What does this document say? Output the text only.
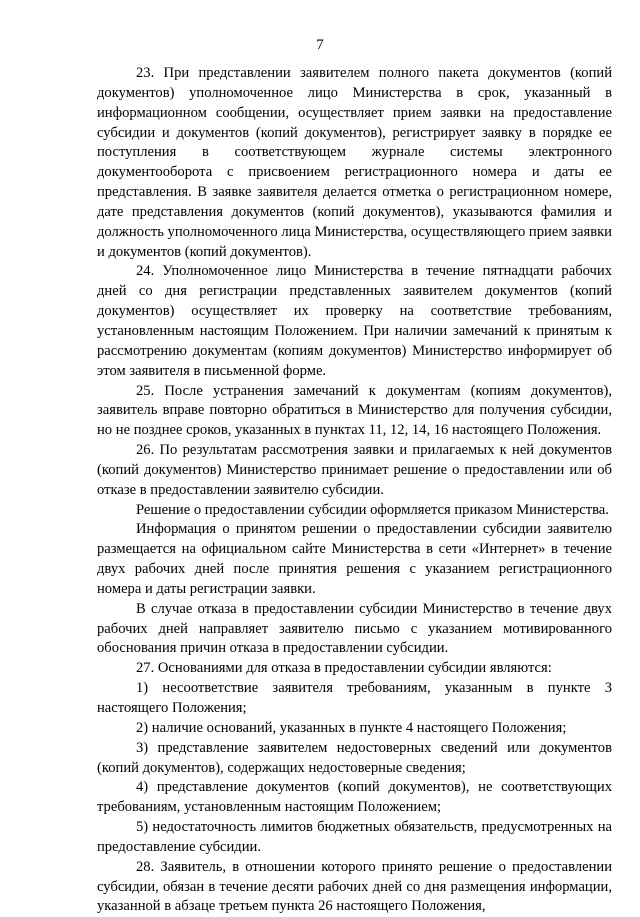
7

23. При представлении заявителем полного пакета документов (копий документов) уполномоченное лицо Министерства в срок, указанный в информационном сообщении, осуществляет прием заявки на предоставление субсидии и документов (копий документов), регистрирует заявку в порядке ее поступления в соответствующем журнале системы электронного документооборота с присвоением регистрационного номера и даты ее представления. В заявке заявителя делается отметка о регистрационном номере, дате представления документов (копий документов), указываются фамилия и должность уполномоченного лица Министерства, осуществляющего прием заявки и документов (копий документов).

24. Уполномоченное лицо Министерства в течение пятнадцати рабочих дней со дня регистрации представленных заявителем документов (копий документов) осуществляет их проверку на соответствие требованиям, установленным настоящим Положением. При наличии замечаний к принятым к рассмотрению документам (копиям документов) Министерство информирует об этом заявителя в письменной форме.

25. После устранения замечаний к документам (копиям документов), заявитель вправе повторно обратиться в Министерство для получения субсидии, но не позднее сроков, указанных в пунктах 11, 12, 14, 16 настоящего Положения.

26. По результатам рассмотрения заявки и прилагаемых к ней документов (копий документов) Министерство принимает решение о предоставлении или об отказе в предоставлении заявителю субсидии.

Решение о предоставлении субсидии оформляется приказом Министерства.

Информация о принятом решении о предоставлении субсидии заявителю размещается на официальном сайте Министерства в сети «Интернет» в течение двух рабочих дней после принятия решения с указанием регистрационного номера и даты регистрации заявки.

В случае отказа в предоставлении субсидии Министерство в течение двух рабочих дней направляет заявителю письмо с указанием мотивированного обоснования причин отказа в предоставлении субсидии.

27. Основаниями для отказа в предоставлении субсидии являются:

1) несоответствие заявителя требованиям, указанным в пункте 3 настоящего Положения;

2) наличие оснований, указанных в пункте 4 настоящего Положения;

3) представление заявителем недостоверных сведений или документов (копий документов), содержащих недостоверные сведения;

4) представление документов (копий документов), не соответствующих требованиям, установленным настоящим Положением;

5) недостаточность лимитов бюджетных обязательств, предусмотренных на предоставление субсидии.

28. Заявитель, в отношении которого принято решение о предоставлении субсидии, обязан в течение десяти рабочих дней со дня размещения информации, указанной в абзаце третьем пункта 26 настоящего Положения,
